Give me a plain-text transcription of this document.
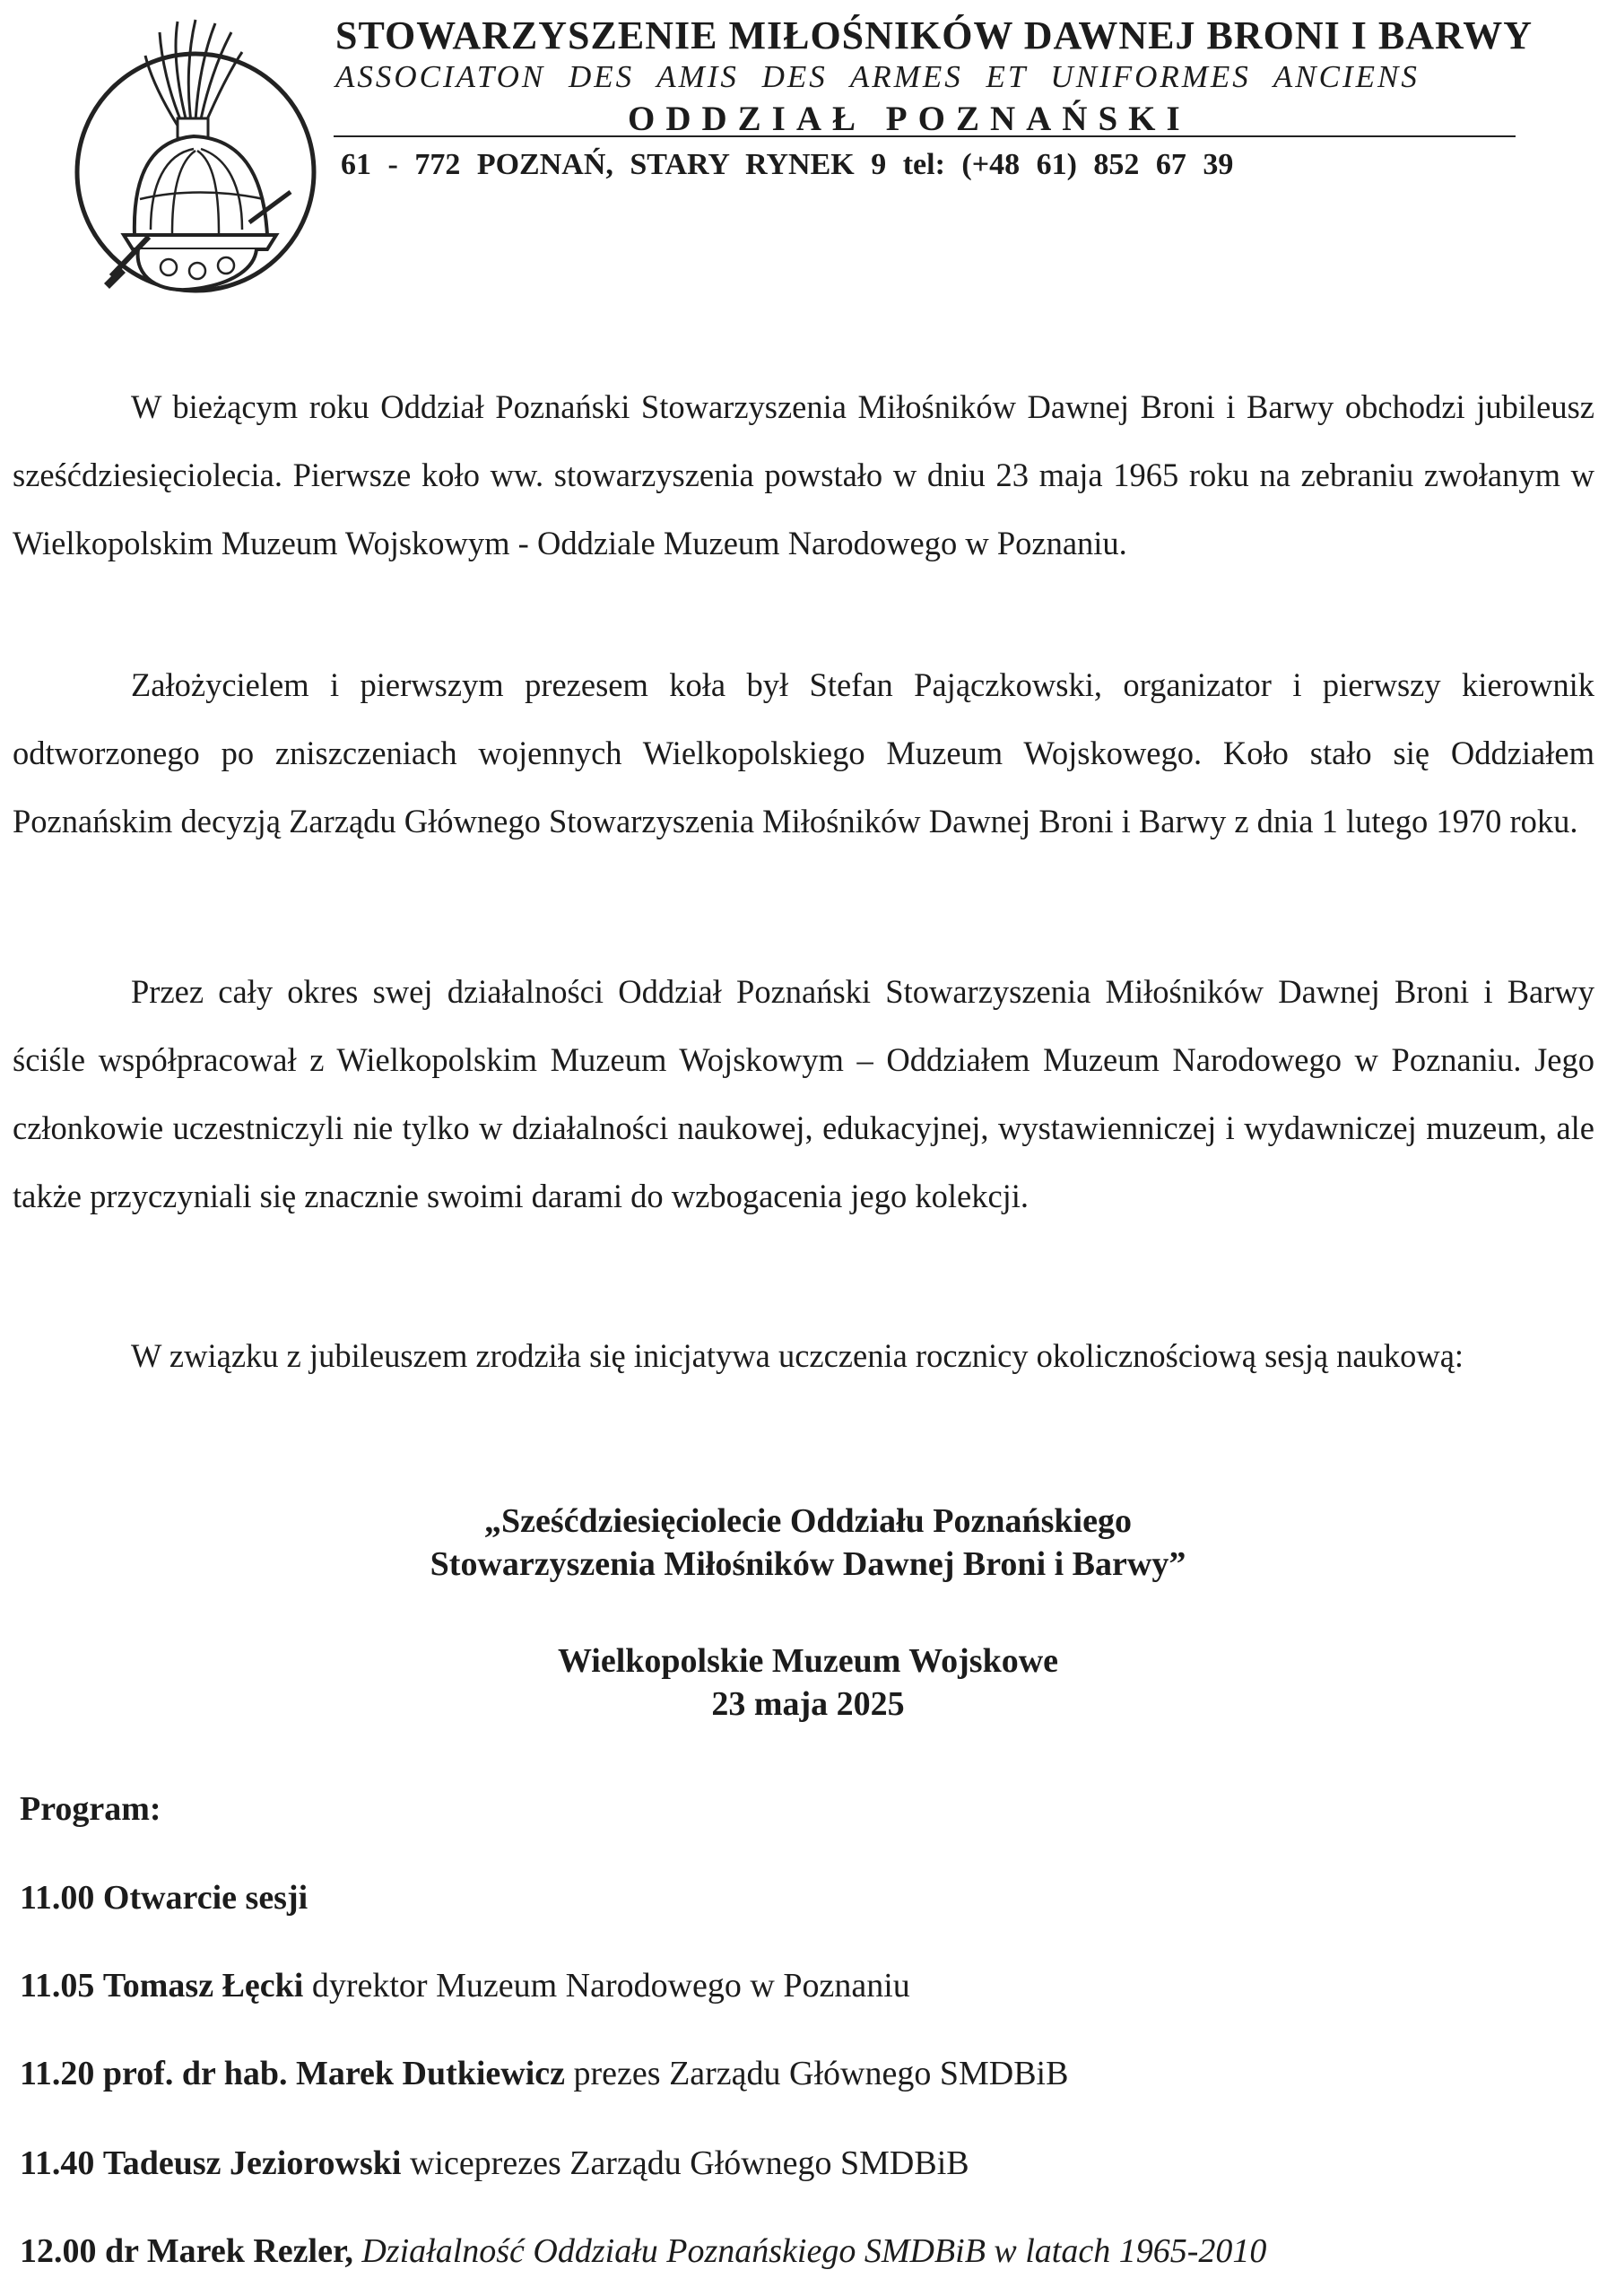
STOWARZYSZENIE MIŁOŚNIKÓW DAWNEJ BRONI I BARWY
ASSOCIATON DES AMIS DES ARMES ET UNIFORMES ANCIENS
ODDZIAŁ POZNAŃSKI
61 - 772 POZNAŃ, STARY RYNEK 9 tel: (+48 61) 852 67 39

W bieżącym roku Oddział Poznański Stowarzyszenia Miłośników Dawnej Broni i Barwy obchodzi jubileusz sześćdziesięciolecia. Pierwsze koło ww. stowarzyszenia powstało w dniu 23 maja 1965 roku na zebraniu zwołanym w Wielkopolskim Muzeum Wojskowym - Oddziale Muzeum Narodowego w Poznaniu.

Założycielem i pierwszym prezesem koła był Stefan Pajączkowski, organizator i pierwszy kierownik odtworzonego po zniszczeniach wojennych Wielkopolskiego Muzeum Wojskowego. Koło stało się Oddziałem Poznańskim decyzją Zarządu Głównego Stowarzyszenia Miłośników Dawnej Broni i Barwy z dnia 1 lutego 1970 roku.

Przez cały okres swej działalności Oddział Poznański Stowarzyszenia Miłośników Dawnej Broni i Barwy ściśle współpracował z Wielkopolskim Muzeum Wojskowym – Oddziałem Muzeum Narodowego w Poznaniu. Jego członkowie uczestniczyli nie tylko w działalności naukowej, edukacyjnej, wystawienniczej i wydawniczej muzeum, ale także przyczyniali się znacznie swoimi darami do wzbogacenia jego kolekcji.

W związku z jubileuszem zrodziła się inicjatywa uczczenia rocznicy okolicznościową sesją naukową:

„Sześćdziesięciolecie Oddziału Poznańskiego
Stowarzyszenia Miłośników Dawnej Broni i Barwy”
Wielkopolskie Muzeum Wojskowe
23 maja 2025
Program:
11.00 Otwarcie sesji
11.05 Tomasz Łęcki dyrektor Muzeum Narodowego w Poznaniu
11.20 prof. dr hab. Marek Dutkiewicz prezes Zarządu Głównego SMDBiB
11.40 Tadeusz Jeziorowski wiceprezes Zarządu Głównego SMDBiB
12.00 dr Marek Rezler, Działalność Oddziału Poznańskiego SMDBiB w latach 1965-2010
